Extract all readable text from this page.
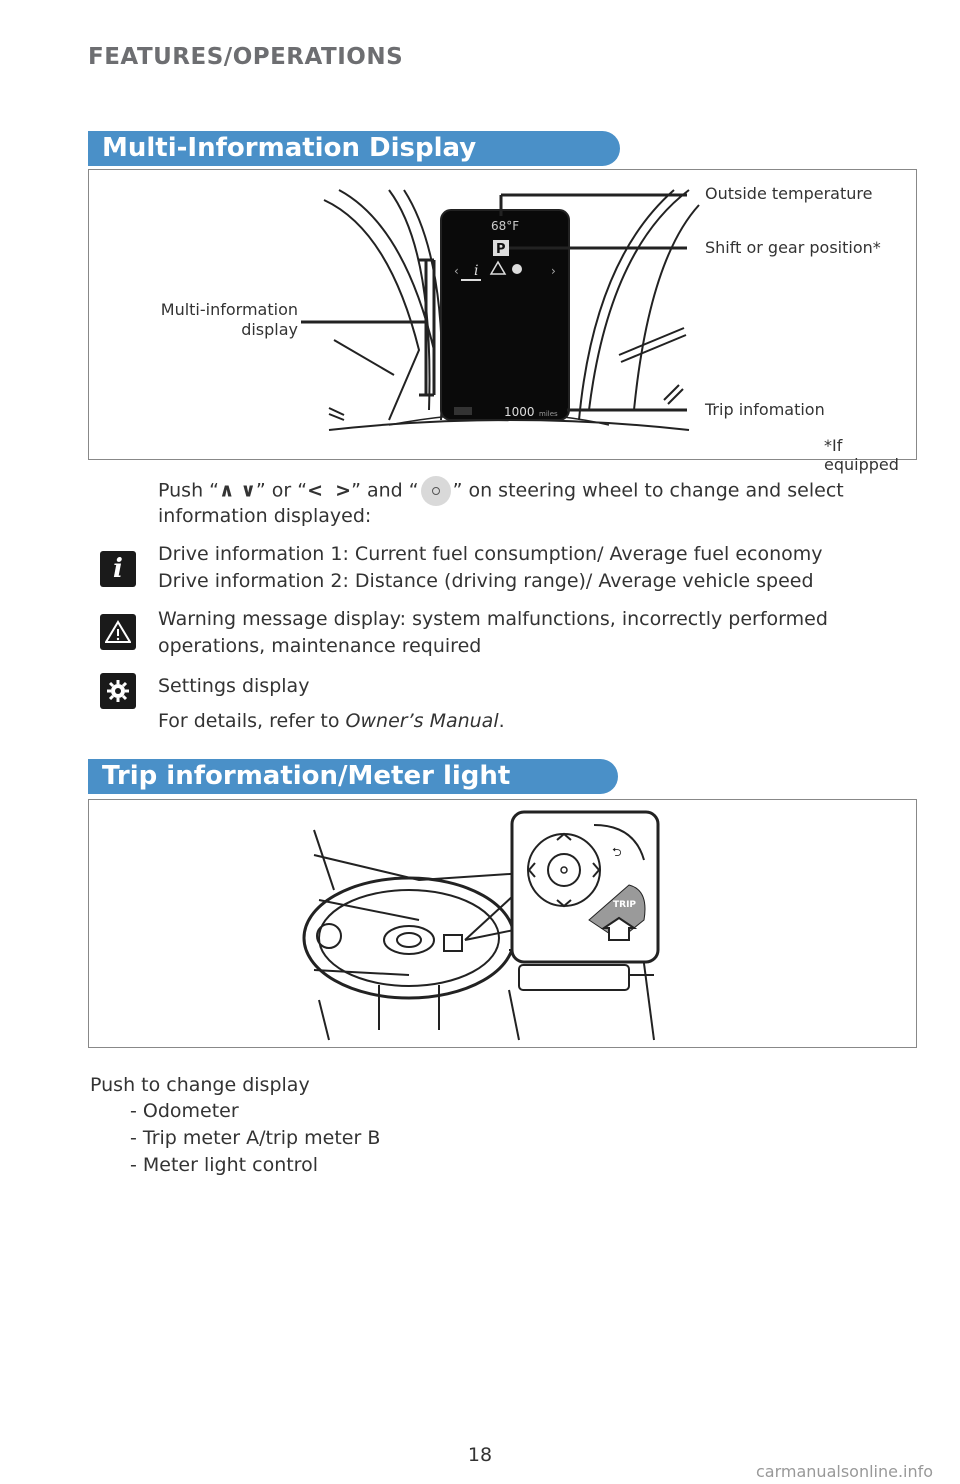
FEATURES/OPERATIONS
Multi-Information Display
68°F
P
‹	›
i
1000 miles
Outside temperature
Shift or gear position*
Multi-information
display
Trip infomation
*If equipped
Push “∧ ∨” or “< >” and “ ” on steering wheel to change and select
information displayed:
i Drive information 1: Current fuel consumption/ Average fuel economy
Drive information 2: Distance (driving range)/ Average vehicle speed
Warning message display: system malfunctions, incorrectly performed
operations, maintenance required
Settings display
For details, refer to Owner’s Manual.
Trip information/Meter light
⮌
TRIP
Push to change display
- Odometer
- Trip meter A/trip meter B
- Meter light control
18
carmanualsonline.info
